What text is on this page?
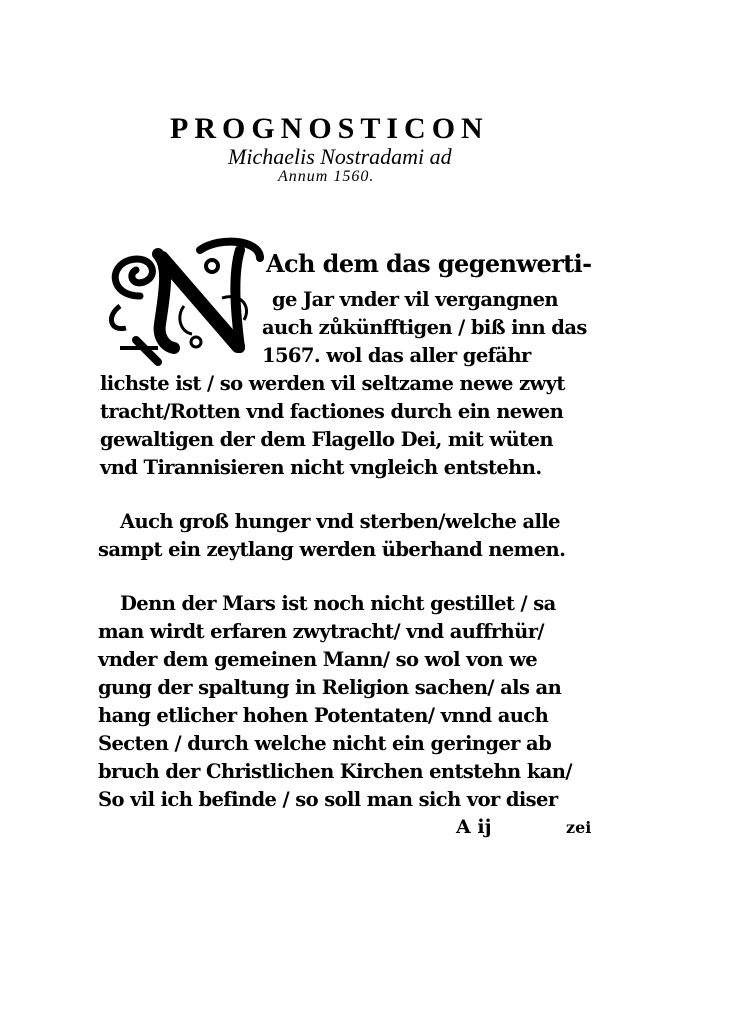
PROGNOSTICON
Michaelis Nostradami ad
Annum 1560.
Ach dem das gegenwerti-
ge Jar vnder vil vergangnen
auch zůkünfftigen / biß inn das
1567. wol das aller gefähr
lichste ist / so werden vil seltzame newe zwyt
tracht/Rotten vnd factiones durch ein newen
gewaltigen der dem Flagello Dei, mit wüten
vnd Tirannisieren nicht vngleich entstehn.
Auch groß hunger vnd sterben/welche alle
sampt ein zeytlang werden überhand nemen.
Denn der Mars ist noch nicht gestillet / sa
man wirdt erfaren zwytracht/ vnd auffrhür/
vnder dem gemeinen Mann/ so wol von we
gung der spaltung in Religion sachen/ als an
hang etlicher hohen Potentaten/ vnnd auch
Secten / durch welche nicht ein geringer ab
bruch der Christlichen Kirchen entstehn kan/
So vil ich befinde / so soll man sich vor diser
A ij	zei
